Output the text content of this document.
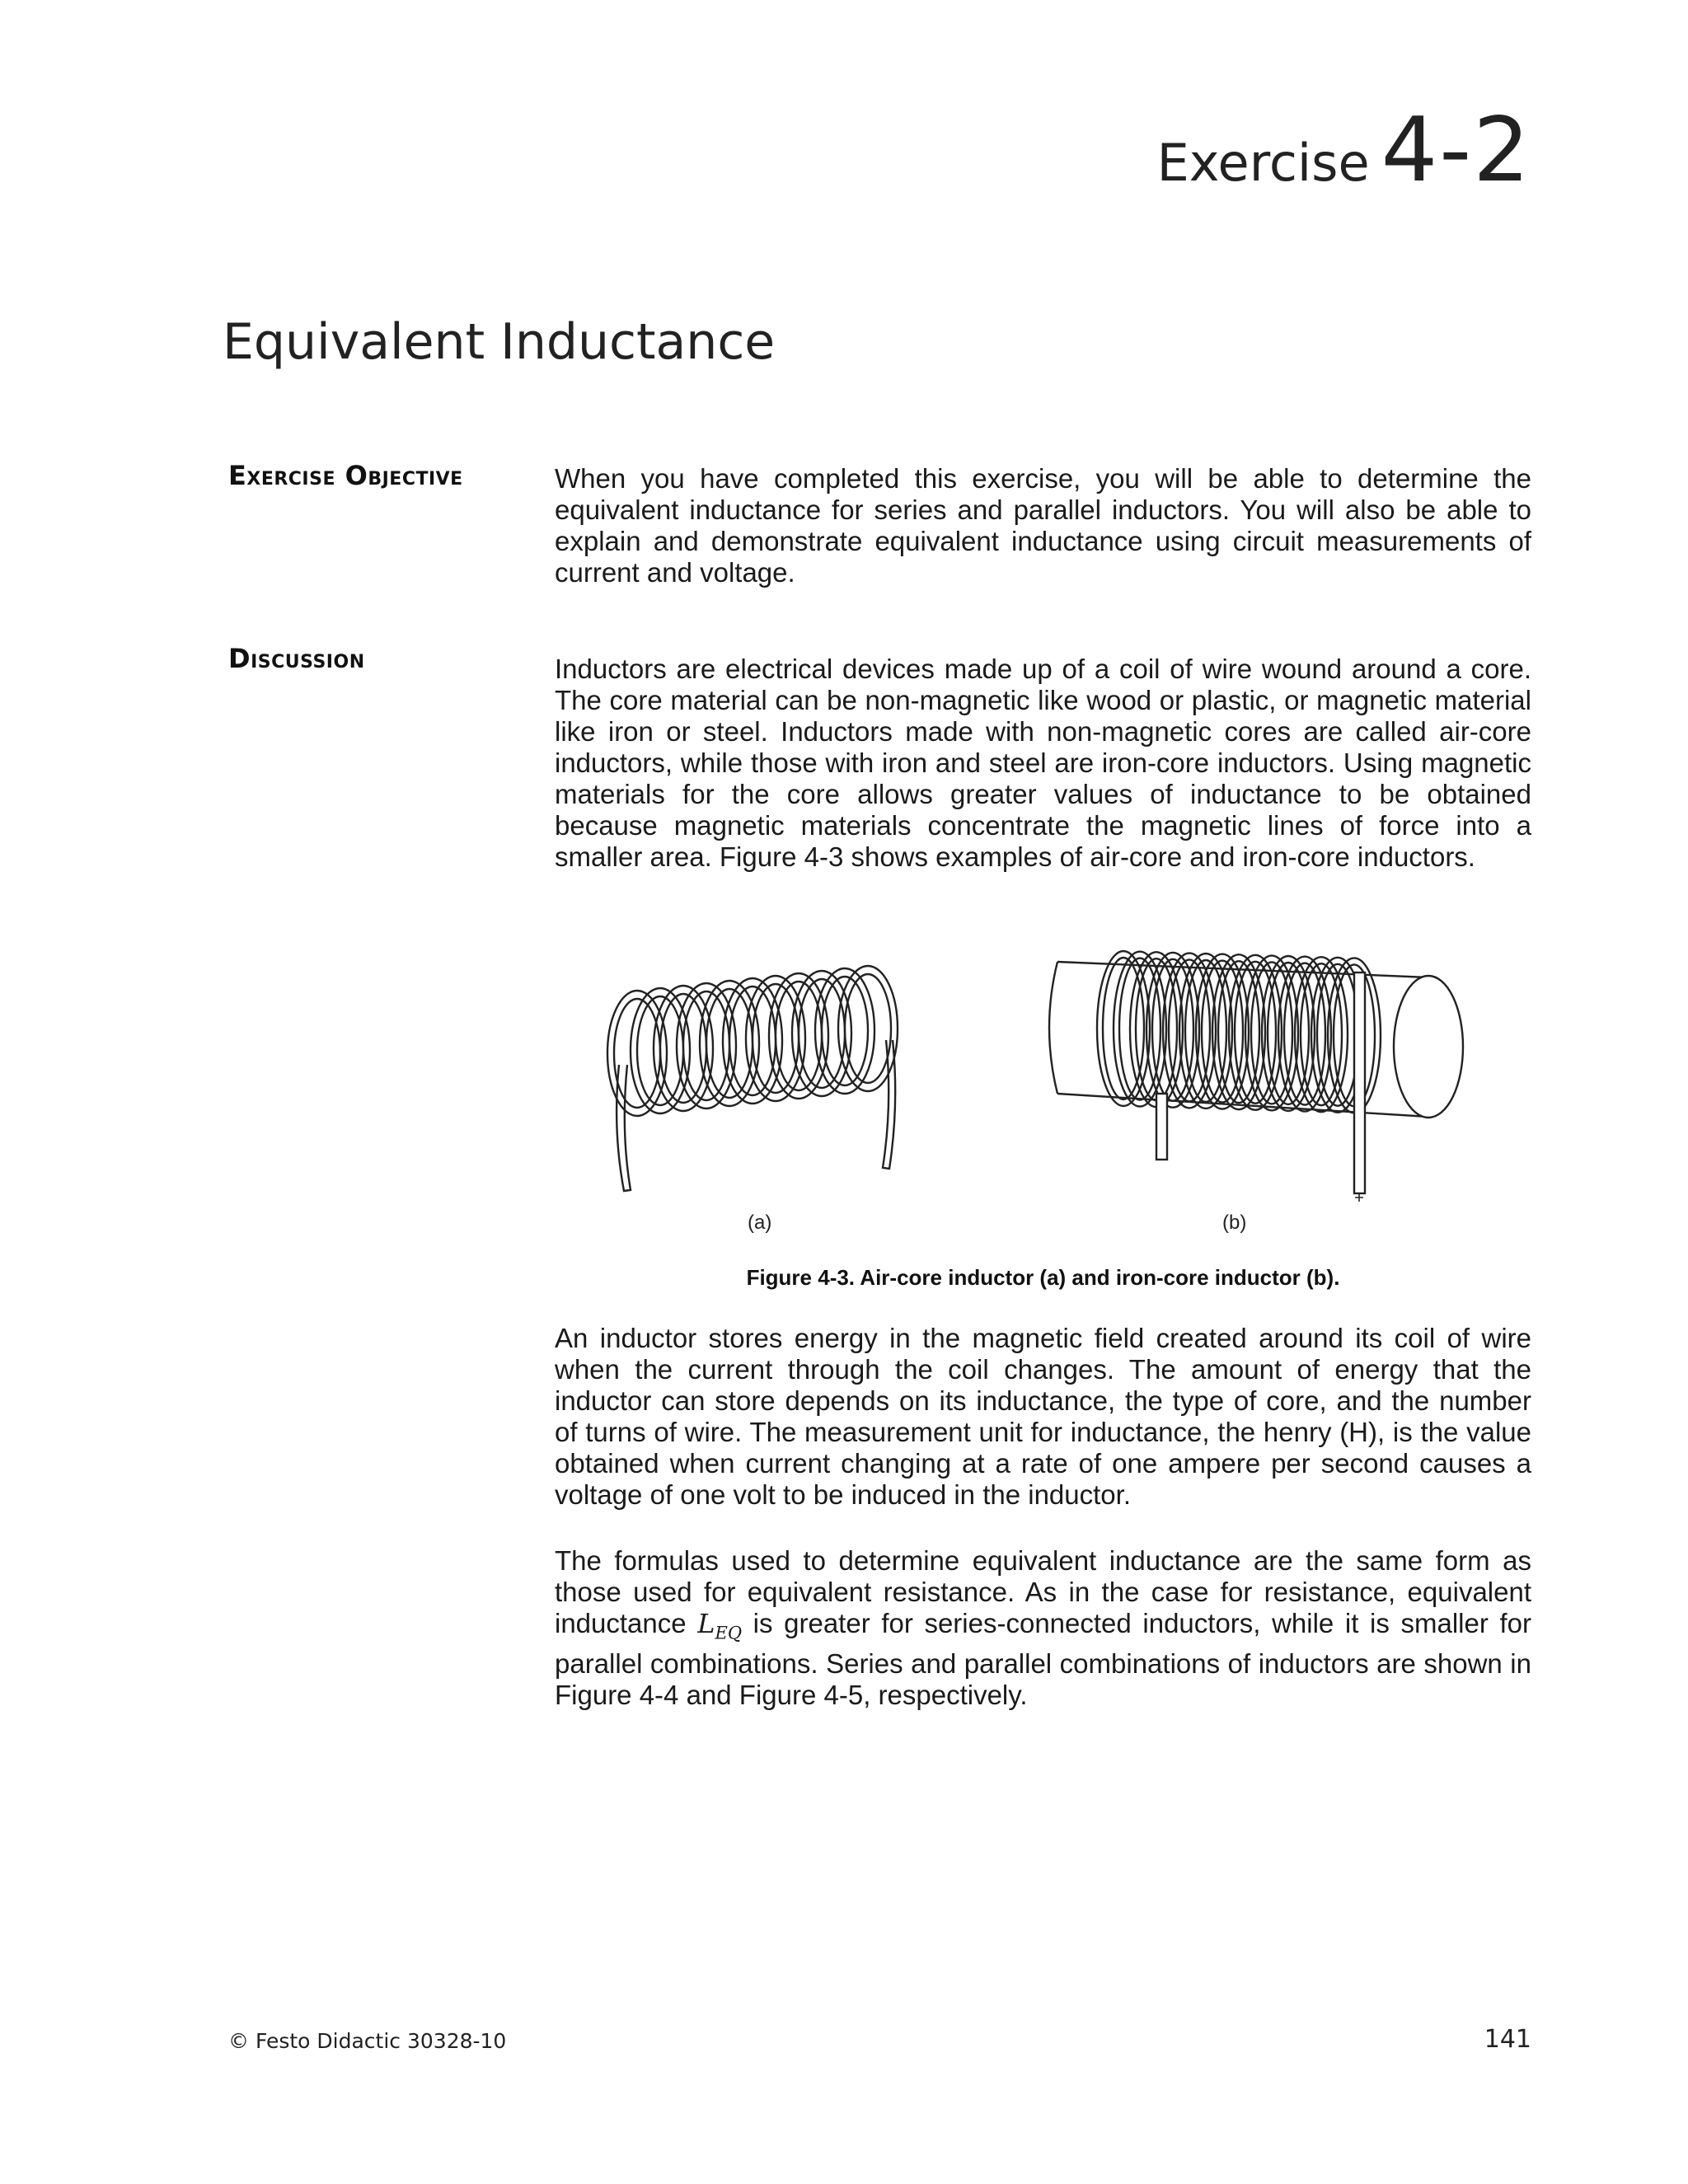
Exercise 4-2
Equivalent Inductance
Exercise Objective	When you have completed this exercise, you will be able to determine the equivalent inductance for series and parallel inductors. You will also be able to explain and demonstrate equivalent inductance using circuit measurements of current and voltage.

Discussion	Inductors are electrical devices made up of a coil of wire wound around a core. The core material can be non-magnetic like wood or plastic, or magnetic material like iron or steel. Inductors made with non-magnetic cores are called air-core inductors, while those with iron and steel are iron-core inductors. Using magnetic materials for the core allows greater values of inductance to be obtained because magnetic materials concentrate the magnetic lines of force into a smaller area. Figure 4-3 shows examples of air-core and iron-core inductors.

(a)	(b)
Figure 4-3. Air-core inductor (a) and iron-core inductor (b).

An inductor stores energy in the magnetic field created around its coil of wire when the current through the coil changes. The amount of energy that the inductor can store depends on its inductance, the type of core, and the number of turns of wire. The measurement unit for inductance, the henry (H), is the value obtained when current changing at a rate of one ampere per second causes a voltage of one volt to be induced in the inductor.

The formulas used to determine equivalent inductance are the same form as those used for equivalent resistance. As in the case for resistance, equivalent inductance $L_{EQ}$ is greater for series-connected inductors, while it is smaller for parallel combinations. Series and parallel combinations of inductors are shown in Figure 4-4 and Figure 4-5, respectively.

© Festo Didactic 30328-10	141
